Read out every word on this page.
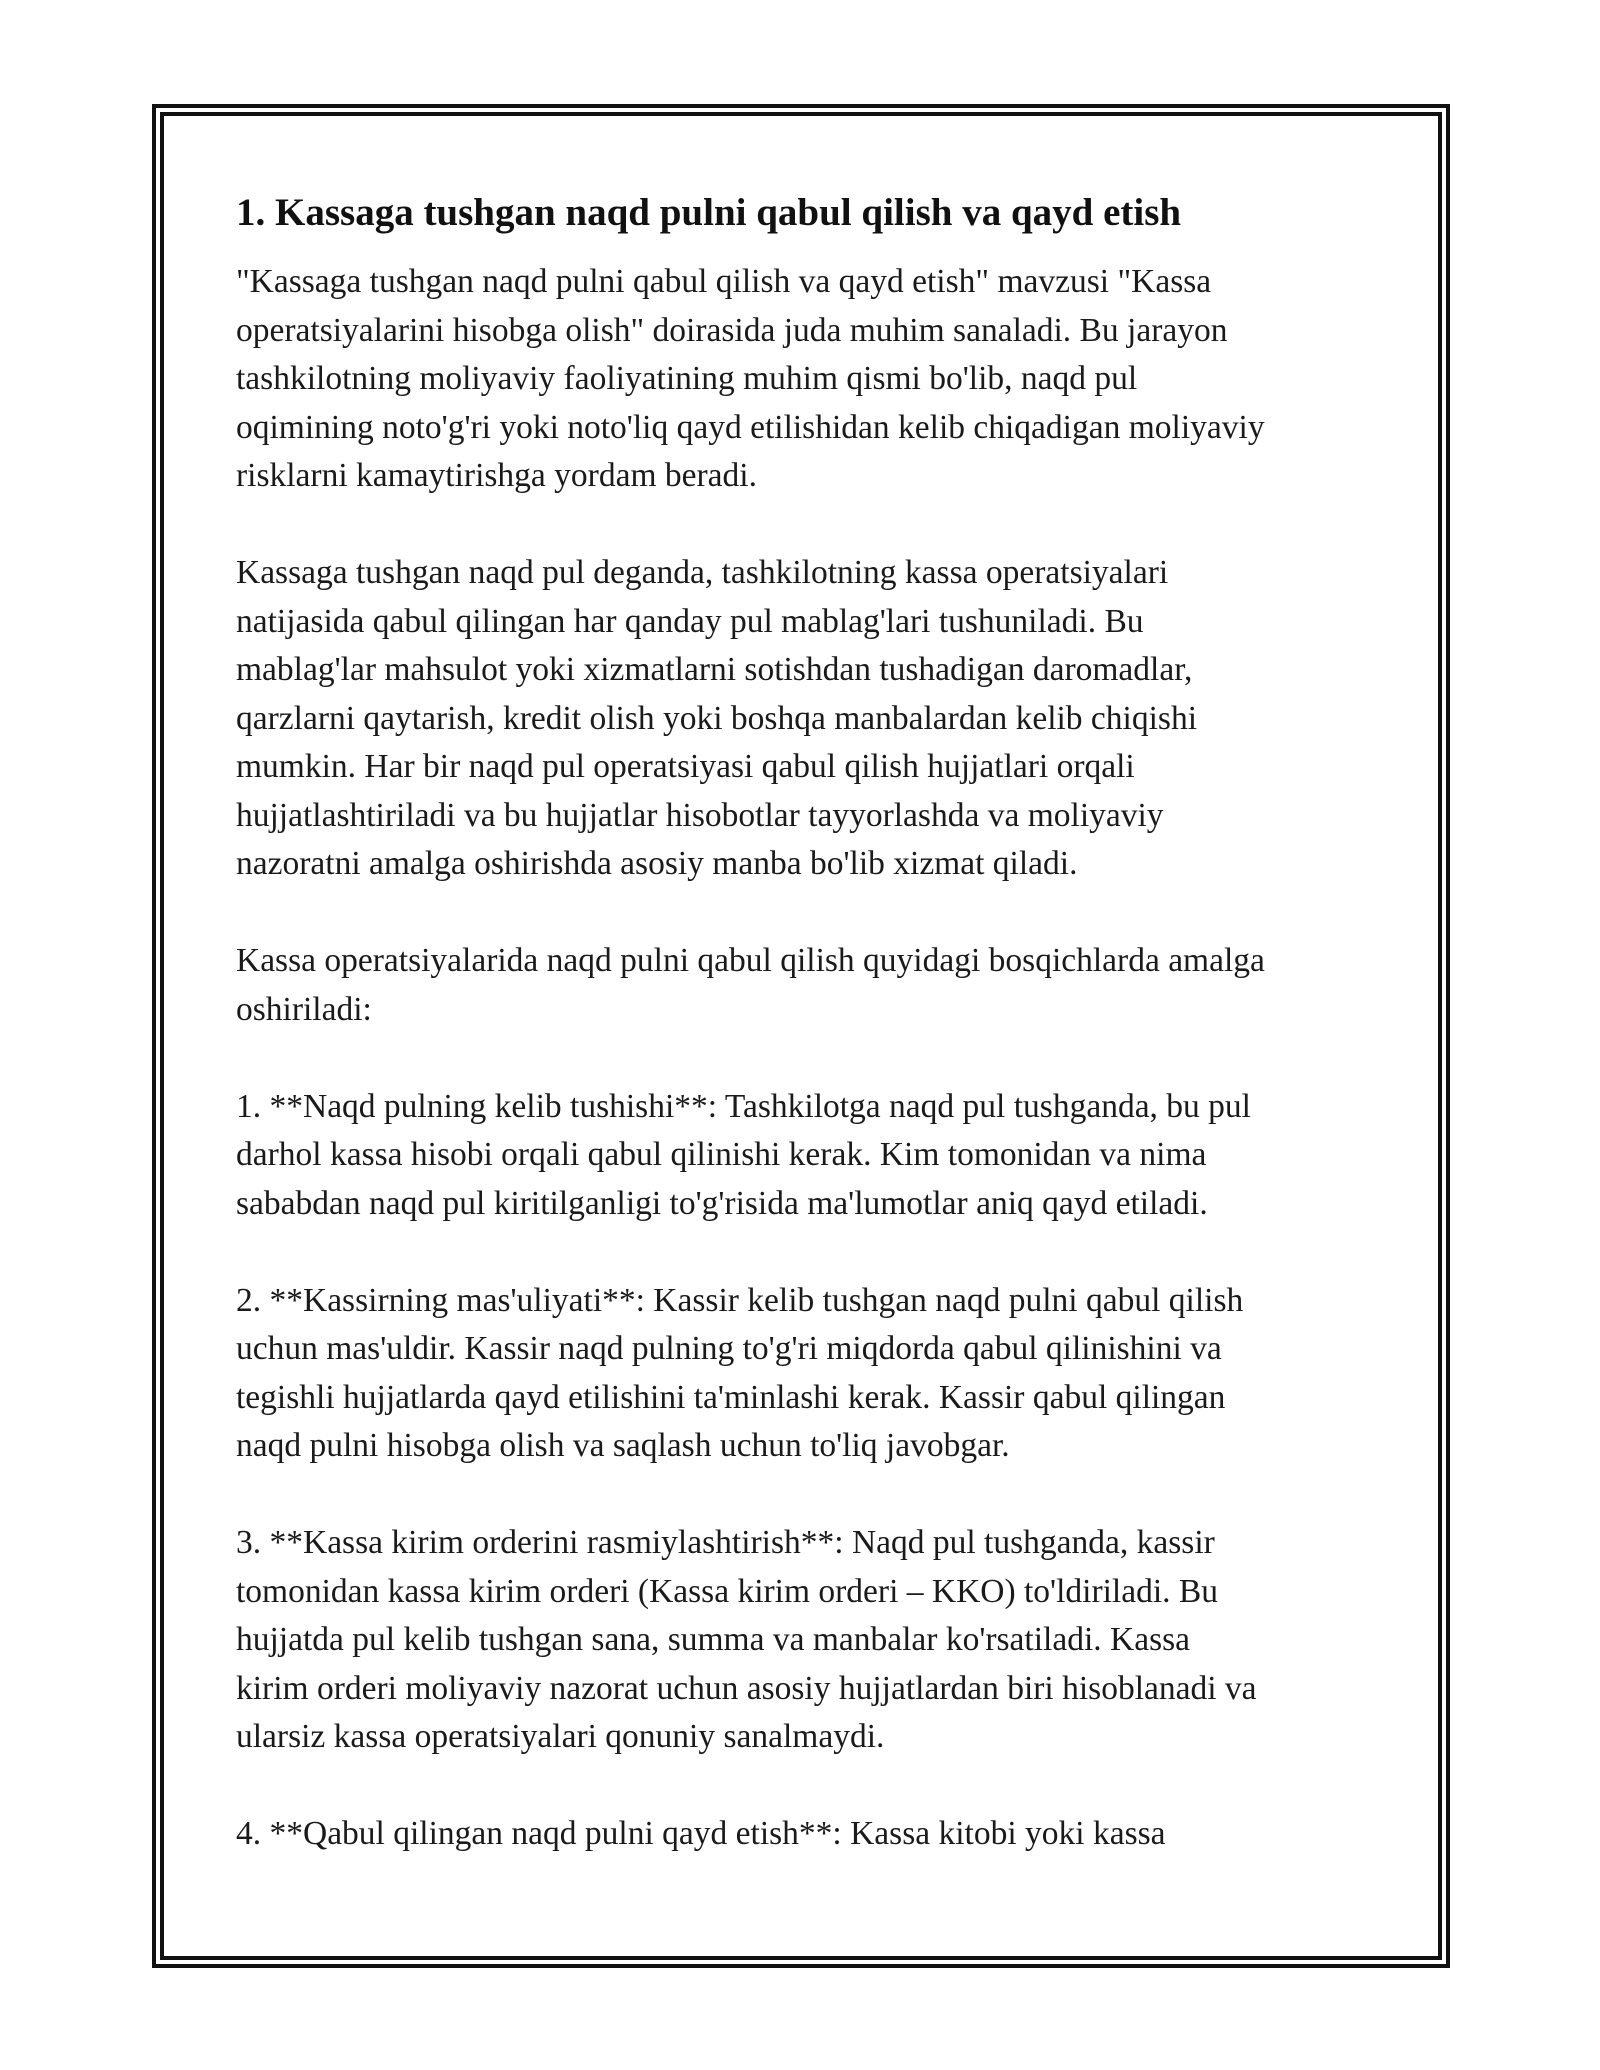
1. Kassaga tushgan naqd pulni qabul qilish va qayd etish

"Kassaga tushgan naqd pulni qabul qilish va qayd etish" mavzusi "Kassa
operatsiyalarini hisobga olish" doirasida juda muhim sanaladi. Bu jarayon
tashkilotning moliyaviy faoliyatining muhim qismi bo'lib, naqd pul
oqimining noto'g'ri yoki noto'liq qayd etilishidan kelib chiqadigan moliyaviy
risklarni kamaytirishga yordam beradi.

Kassaga tushgan naqd pul deganda, tashkilotning kassa operatsiyalari
natijasida qabul qilingan har qanday pul mablag'lari tushuniladi. Bu
mablag'lar mahsulot yoki xizmatlarni sotishdan tushadigan daromadlar,
qarzlarni qaytarish, kredit olish yoki boshqa manbalardan kelib chiqishi
mumkin. Har bir naqd pul operatsiyasi qabul qilish hujjatlari orqali
hujjatlashtiriladi va bu hujjatlar hisobotlar tayyorlashda va moliyaviy
nazoratni amalga oshirishda asosiy manba bo'lib xizmat qiladi.

Kassa operatsiyalarida naqd pulni qabul qilish quyidagi bosqichlarda amalga
oshiriladi:

1. **Naqd pulning kelib tushishi**: Tashkilotga naqd pul tushganda, bu pul
darhol kassa hisobi orqali qabul qilinishi kerak. Kim tomonidan va nima
sababdan naqd pul kiritilganligi to'g'risida ma'lumotlar aniq qayd etiladi.

2. **Kassirning mas'uliyati**: Kassir kelib tushgan naqd pulni qabul qilish
uchun mas'uldir. Kassir naqd pulning to'g'ri miqdorda qabul qilinishini va
tegishli hujjatlarda qayd etilishini ta'minlashi kerak. Kassir qabul qilingan
naqd pulni hisobga olish va saqlash uchun to'liq javobgar.

3. **Kassa kirim orderini rasmiylashtirish**: Naqd pul tushganda, kassir
tomonidan kassa kirim orderi (Kassa kirim orderi – KKO) to'ldiriladi. Bu
hujjatda pul kelib tushgan sana, summa va manbalar ko'rsatiladi. Kassa
kirim orderi moliyaviy nazorat uchun asosiy hujjatlardan biri hisoblanadi va
ularsiz kassa operatsiyalari qonuniy sanalmaydi.

4. **Qabul qilingan naqd pulni qayd etish**: Kassa kitobi yoki kassa
